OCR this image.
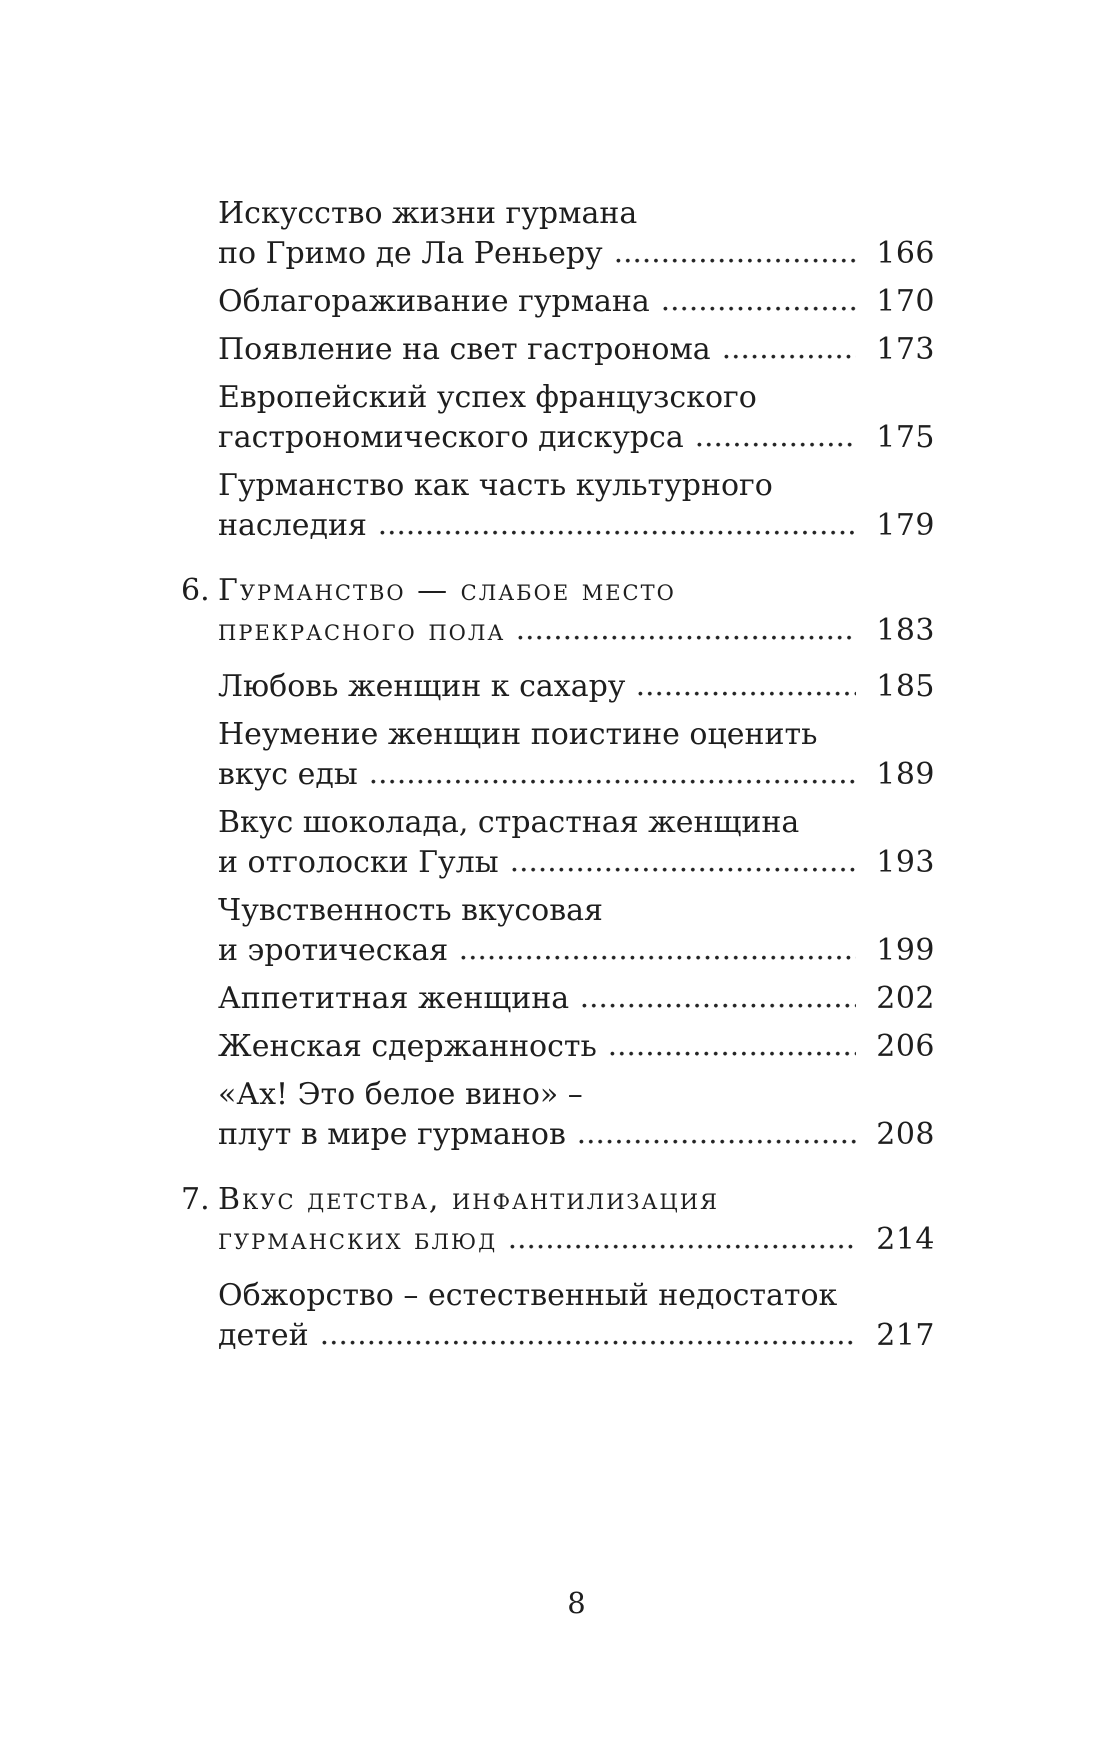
Искусство жизни гурмана
по Гримо де Ла Реньеру	166
Облагораживание гурмана	170
Появление на свет гастронома	173
Европейский успех французского
гастрономического дискурса	175
Гурманство как часть культурного
наследия	179
6. Гурманство — слабое место
прекрасного пола	183
Любовь женщин к сахару	185
Неумение женщин поистине оценить
вкус еды	189
Вкус шоколада, страстная женщина
и отголоски Гулы	193
Чувственность вкусовая
и эротическая	199
Аппетитная женщина	202
Женская сдержанность	206
«Ах! Это белое вино» –
плут в мире гурманов	208
7. Вкус детства, инфантилизация
гурманских блюд	214
Обжорство – естественный недостаток
детей	217
8
